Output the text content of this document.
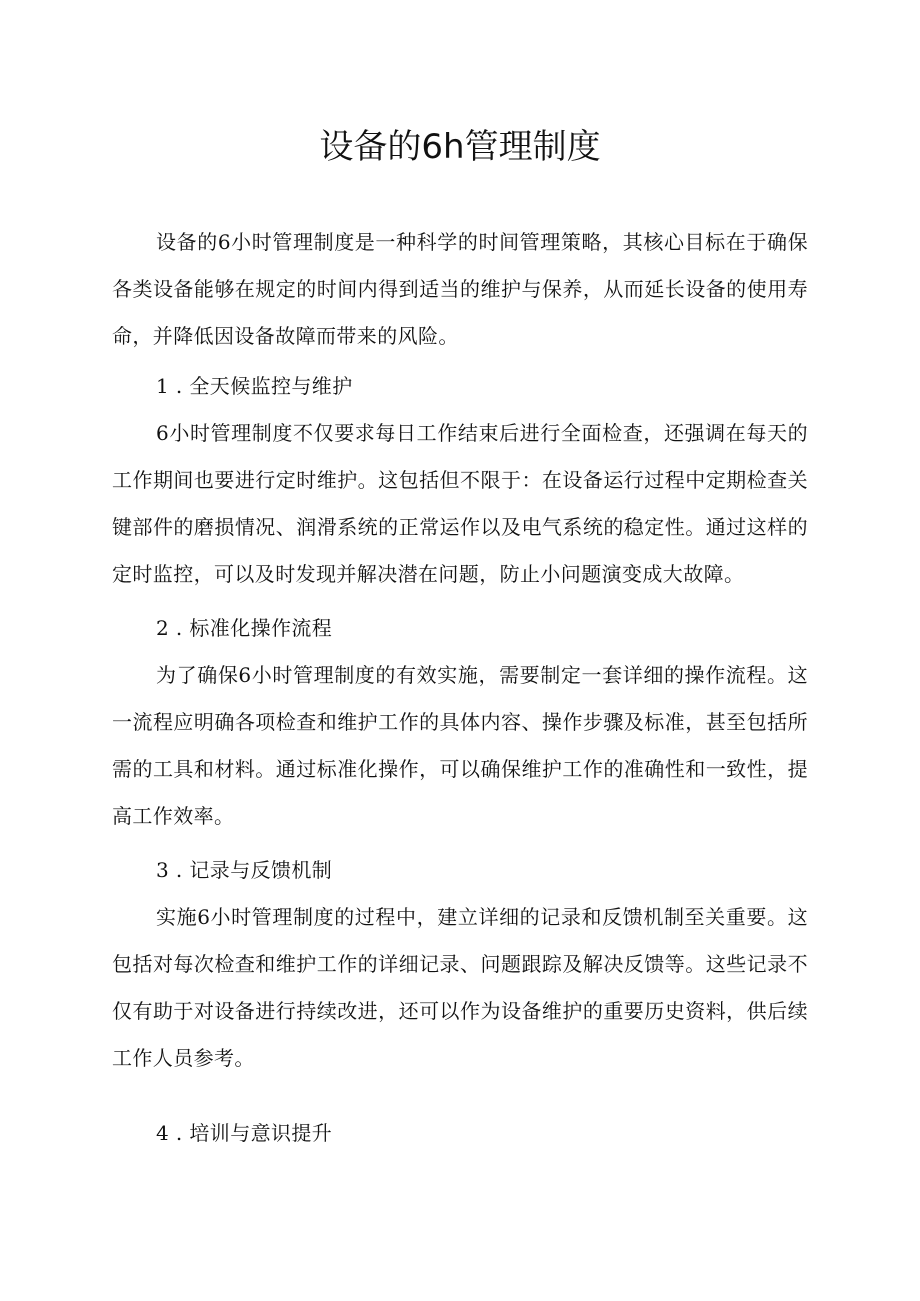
设备的6h管理制度

设备的6小时管理制度是一种科学的时间管理策略，其核心目标在于确保各类设备能够在规定的时间内得到适当的维护与保养，从而延长设备的使用寿命，并降低因设备故障而带来的风险。

1 . 全天候监控与维护

6小时管理制度不仅要求每日工作结束后进行全面检查，还强调在每天的工作期间也要进行定时维护。这包括但不限于：在设备运行过程中定期检查关键部件的磨损情况、润滑系统的正常运作以及电气系统的稳定性。通过这样的定时监控，可以及时发现并解决潜在问题，防止小问题演变成大故障。

2 . 标准化操作流程

为了确保6小时管理制度的有效实施，需要制定一套详细的操作流程。这一流程应明确各项检查和维护工作的具体内容、操作步骤及标准，甚至包括所需的工具和材料。通过标准化操作，可以确保维护工作的准确性和一致性，提高工作效率。

3 . 记录与反馈机制

实施6小时管理制度的过程中，建立详细的记录和反馈机制至关重要。这包括对每次检查和维护工作的详细记录、问题跟踪及解决反馈等。这些记录不仅有助于对设备进行持续改进，还可以作为设备维护的重要历史资料，供后续工作人员参考。

4 . 培训与意识提升
